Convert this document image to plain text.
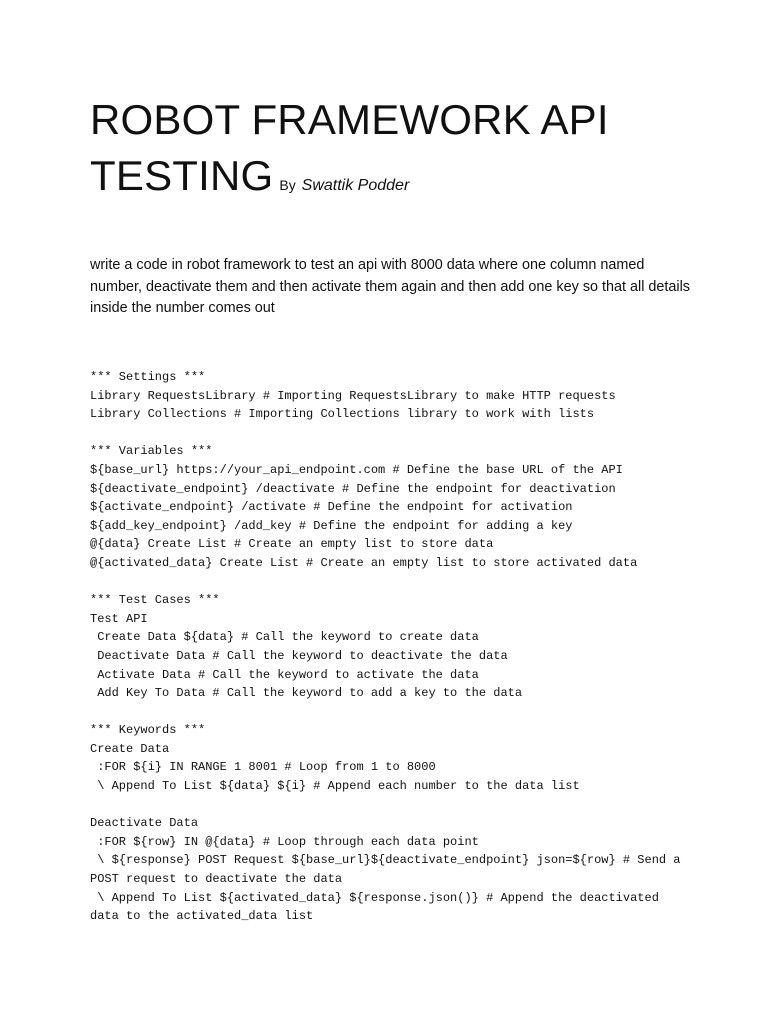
ROBOT FRAMEWORK API
TESTING By Swattik Podder

write a code in robot framework to test an api with 8000 data where one column named number, deactivate them and then activate them again and then add one key so that all details inside the number comes out

*** Settings ***
Library RequestsLibrary # Importing RequestsLibrary to make HTTP requests
Library Collections # Importing Collections library to work with lists
*** Variables ***
${base_url} https://your_api_endpoint.com # Define the base URL of the API
${deactivate_endpoint} /deactivate # Define the endpoint for deactivation
${activate_endpoint} /activate # Define the endpoint for activation
${add_key_endpoint} /add_key # Define the endpoint for adding a key
@{data} Create List # Create an empty list to store data
@{activated_data} Create List # Create an empty list to store activated data
*** Test Cases ***
Test API
Create Data ${data} # Call the keyword to create data
Deactivate Data # Call the keyword to deactivate the data
Activate Data # Call the keyword to activate the data
Add Key To Data # Call the keyword to add a key to the data
*** Keywords ***
Create Data
:FOR ${i} IN RANGE 1 8001 # Loop from 1 to 8000
\ Append To List ${data} ${i} # Append each number to the data list
Deactivate Data
:FOR ${row} IN @{data} # Loop through each data point
\ ${response} POST Request ${base_url}${deactivate_endpoint} json=${row} # Send a
POST request to deactivate the data
\ Append To List ${activated_data} ${response.json()} # Append the deactivated
data to the activated_data list
